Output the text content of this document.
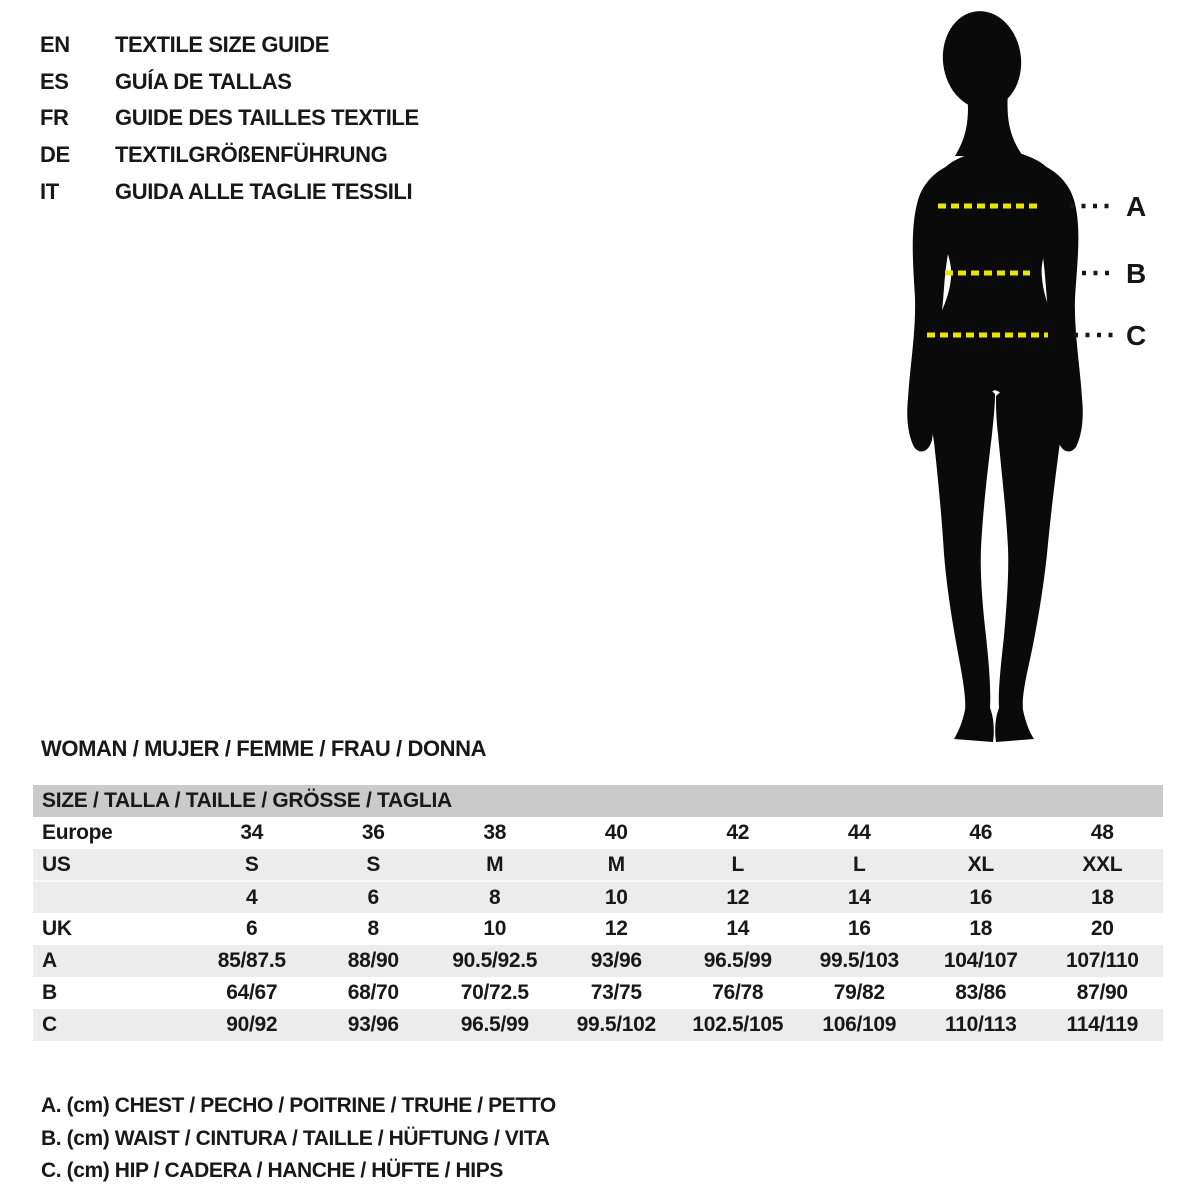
EN	TEXTILE SIZE GUIDE
ES	GUÍA DE TALLAS
FR	GUIDE DES TAILLES TEXTILE
DE	TEXTILGRÖßENFÜHRUNG
IT	GUIDA ALLE TAGLIE TESSILI	A
B
C
WOMAN / MUJER / FEMME / FRAU / DONNA
SIZE / TALLA / TAILLE / GRÖSSE / TAGLIA								
Europe	34	36	38	40	42	44	46	48
US	S	S	M	M	L	L	XL	XXL
	4	6	8	10	12	14	16	18
UK	6	8	10	12	14	16	18	20
A	85/87.5	88/90	90.5/92.5	93/96	96.5/99	99.5/103	104/107	107/110
B	64/67	68/70	70/72.5	73/75	76/78	79/82	83/86	87/90
C	90/92	93/96	96.5/99	99.5/102	102.5/105	106/109	110/113	114/119

A. (cm) CHEST / PECHO / POITRINE / TRUHE / PETTO

B. (cm) WAIST / CINTURA / TAILLE / HÜFTUNG / VITA

C. (cm) HIP / CADERA / HANCHE / HÜFTE / HIPS
